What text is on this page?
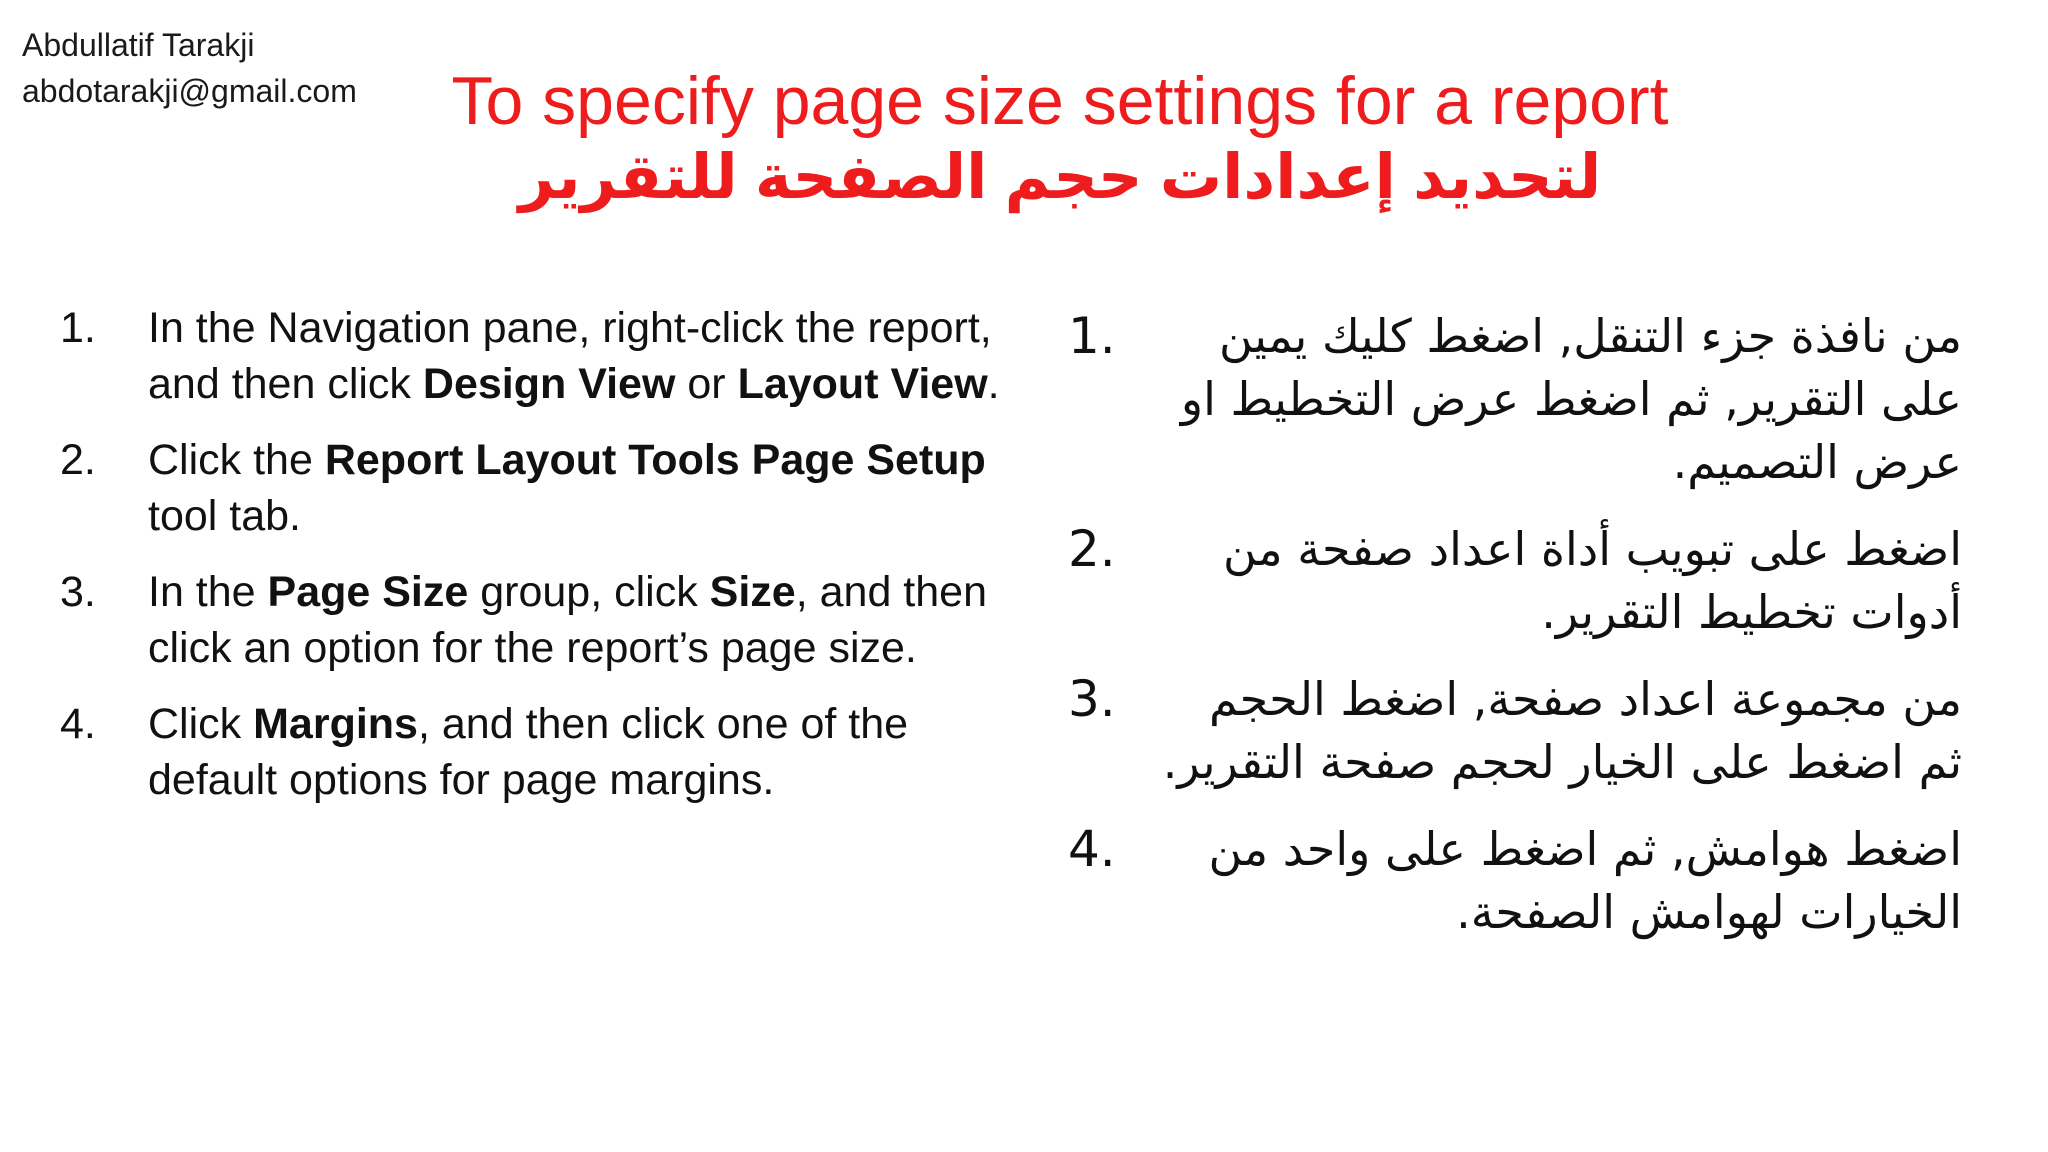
Abdullatif Tarakji
abdotarakji@gmail.com	To specify page size settings for a report
لتحديد إعدادات حجم الصفحة للتقرير
1.	In the Navigation pane, right-click the report, and then click Design View or Layout View.
2.	Click the Report Layout Tools Page Setup tool tab.
3.	In the Page Size group, click Size, and then click an option for the report’s page size.
4.	Click Margins, and then click one of the default options for page margins.
1.	من نافذة جزء التنقل, اضغط كليك يمين على التقرير, ثم اضغط عرض التخطيط او عرض التصميم.
2.	اضغط على تبويب أداة اعداد صفحة من أدوات تخطيط التقرير.
3.	من مجموعة اعداد صفحة, اضغط الحجم ثم اضغط على الخيار لحجم صفحة التقرير.
4.	اضغط هوامش, ثم اضغط على واحد من الخيارات لهوامش الصفحة.
